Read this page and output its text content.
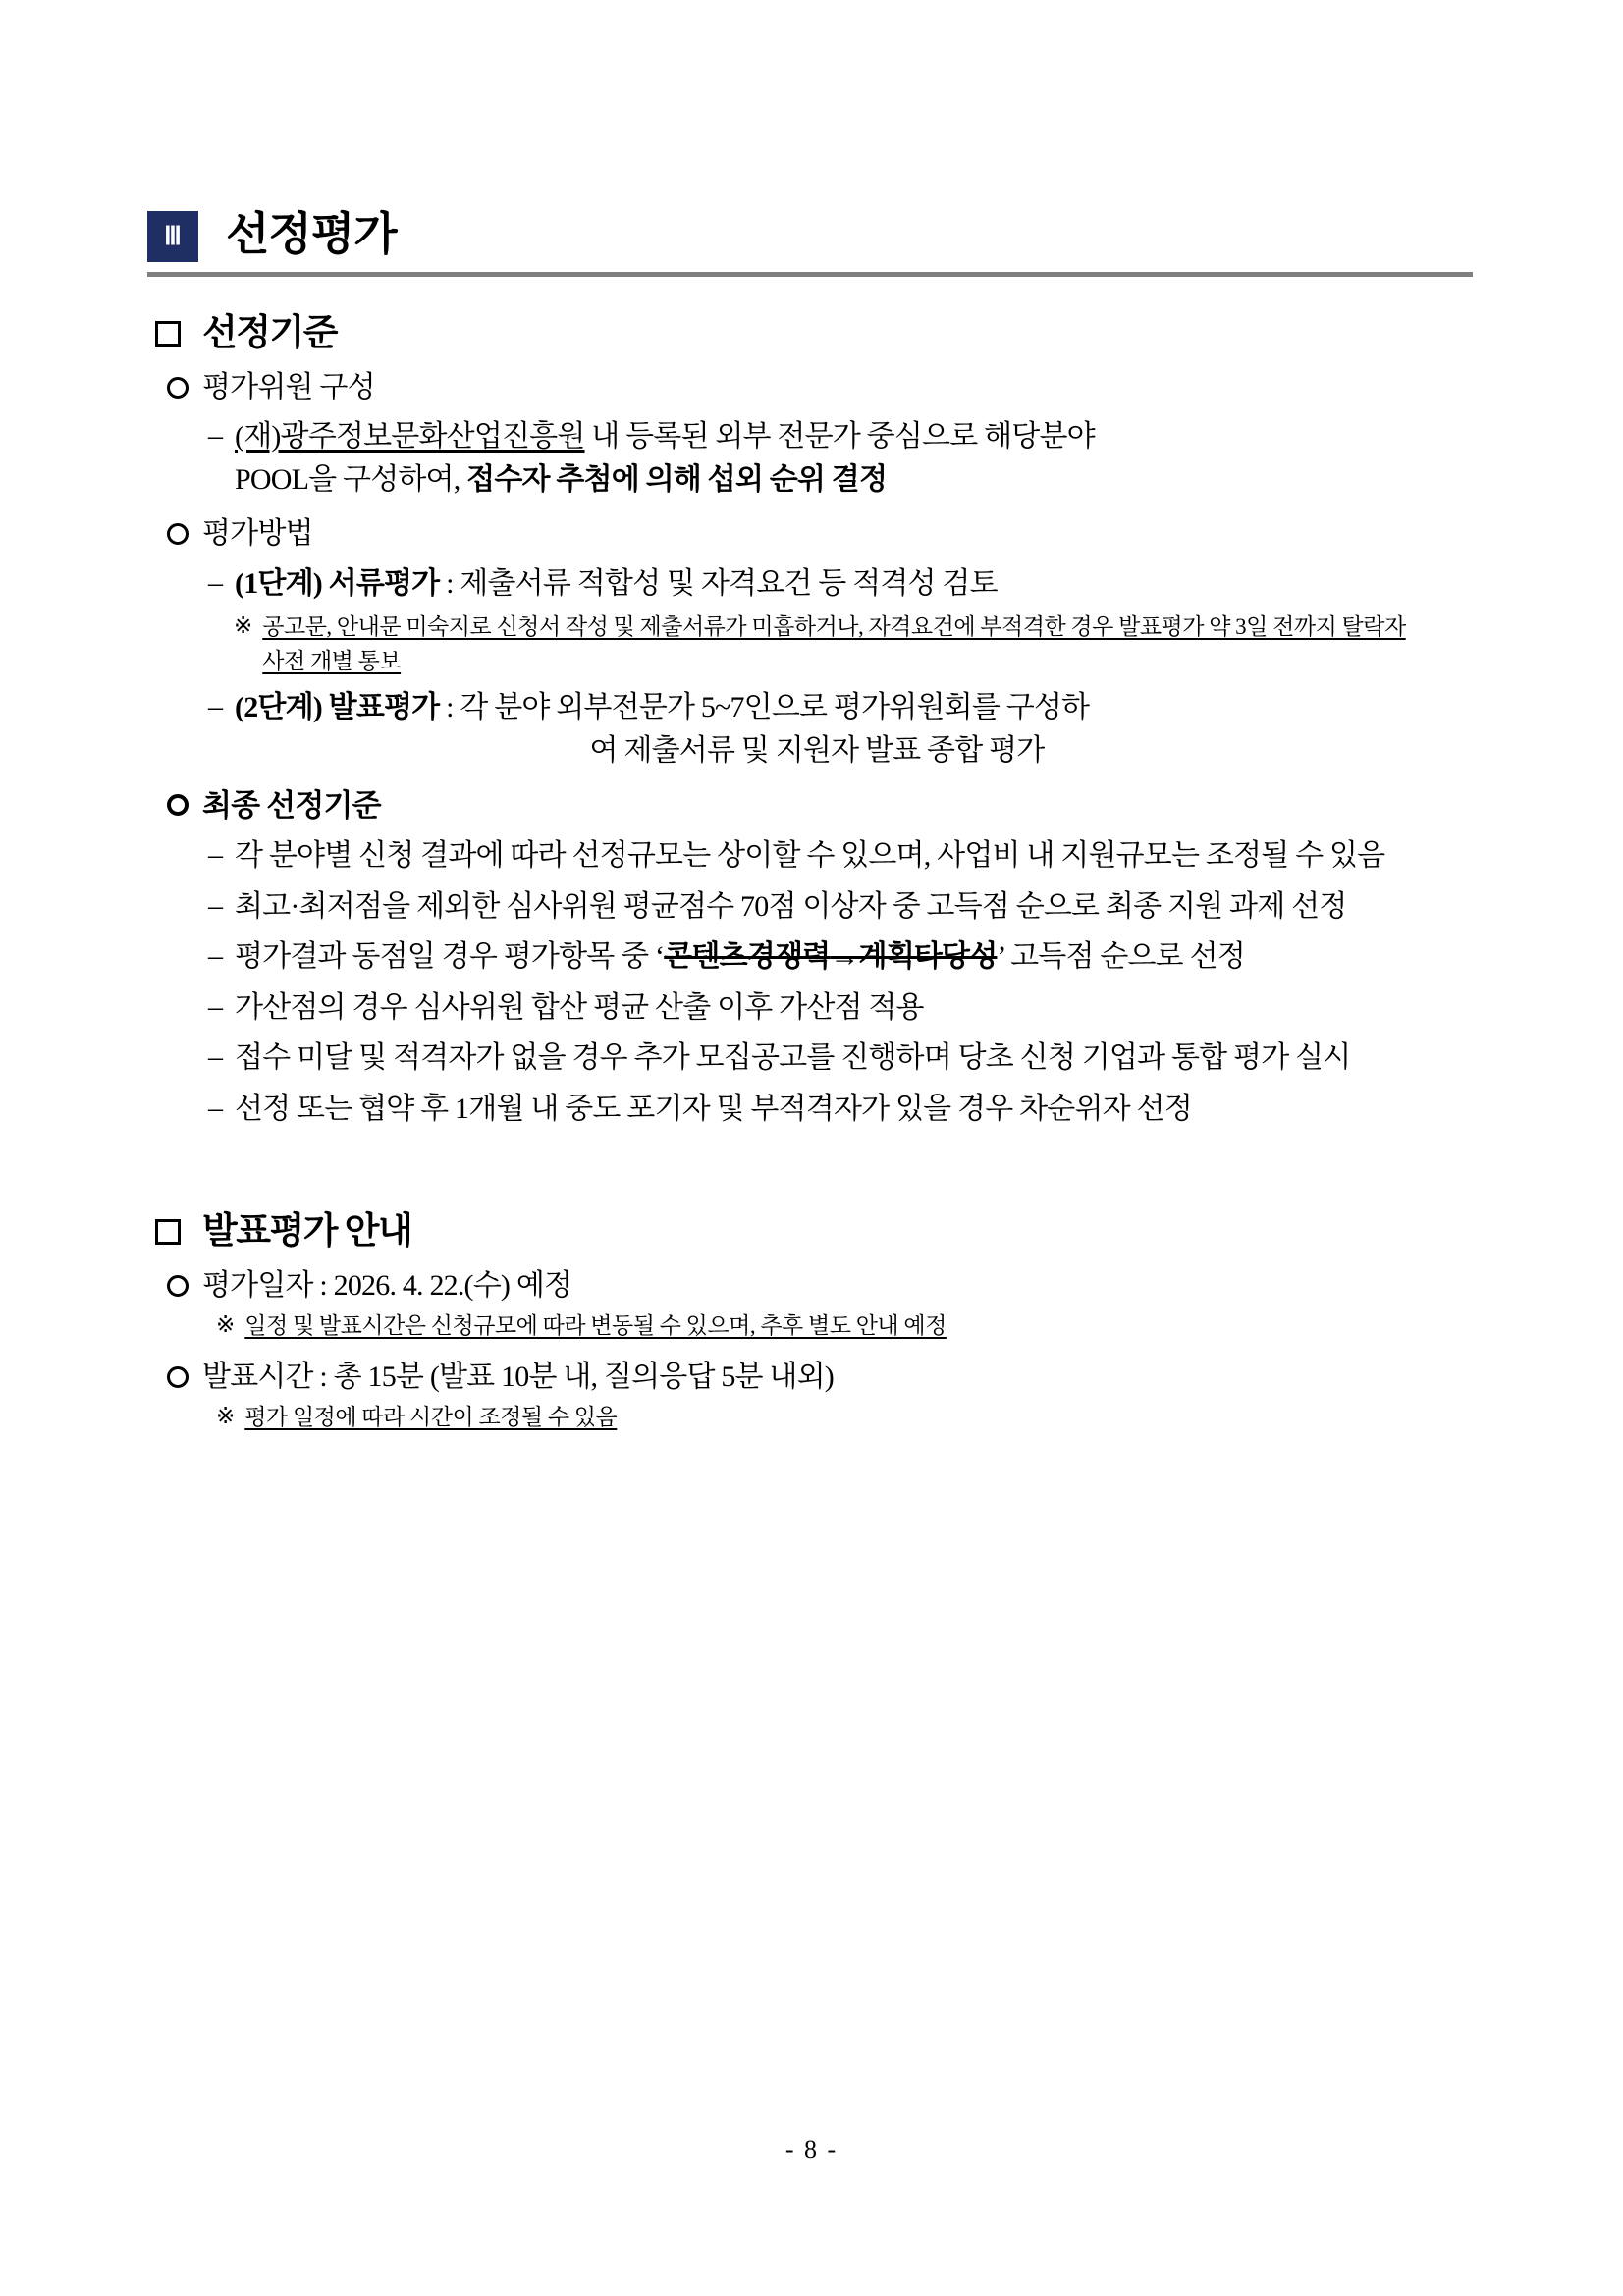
Ⅲ 선정평가
선정기준
평가위원 구성
– (재)광주정보문화산업진흥원 내 등록된 외부 전문가 중심으로 해당분야
POOL을 구성하여, 접수자 추첨에 의해 섭외 순위 결정
평가방법
– (1단계) 서류평가 : 제출서류 적합성 및 자격요건 등 적격성 검토
※ 공고문, 안내문 미숙지로 신청서 작성 및 제출서류가 미흡하거나, 자격요건에 부적격한 경우 발표평가 약 3일 전까지 탈락자 사전 개별 통보
– (2단계) 발표평가 : 각 분야 외부전문가 5~7인으로 평가위원회를 구성하
여 제출서류 및 지원자 발표 종합 평가
최종 선정기준
– 각 분야별 신청 결과에 따라 선정규모는 상이할 수 있으며, 사업비 내 지원규모는 조정될 수 있음
– 최고·최저점을 제외한 심사위원 평균점수 70점 이상자 중 고득점 순으로 최종 지원 과제 선정
– 평가결과 동점일 경우 평가항목 중 ‘콘텐츠경쟁력→계획타당성’ 고득점 순으로 선정
– 가산점의 경우 심사위원 합산 평균 산출 이후 가산점 적용
– 접수 미달 및 적격자가 없을 경우 추가 모집공고를 진행하며 당초 신청 기업과 통합 평가 실시
– 선정 또는 협약 후 1개월 내 중도 포기자 및 부적격자가 있을 경우 차순위자 선정
발표평가 안내
평가일자 : 2026. 4. 22.(수) 예정
※ 일정 및 발표시간은 신청규모에 따라 변동될 수 있으며, 추후 별도 안내 예정
발표시간 : 총 15분 (발표 10분 내, 질의응답 5분 내외)
※ 평가 일정에 따라 시간이 조정될 수 있음
- 8 -
